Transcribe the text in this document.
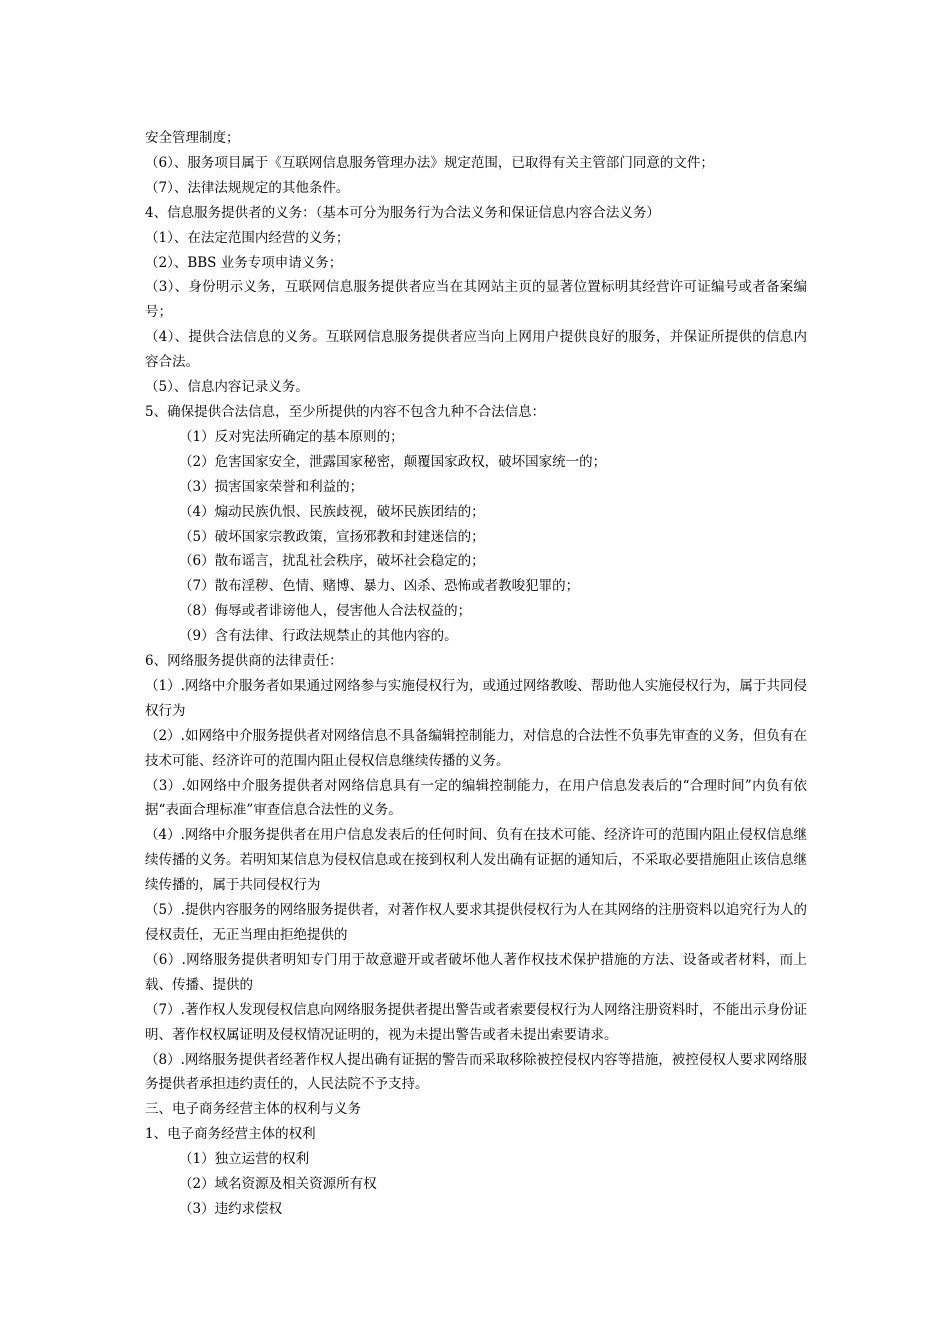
安全管理制度；

（6）、服务项目属于《互联网信息服务管理办法》规定范围，已取得有关主管部门同意的文件；

（7）、法律法规规定的其他条件。

4、信息服务提供者的义务：（基本可分为服务行为合法义务和保证信息内容合法义务）

（1）、在法定范围内经营的义务；

（2）、BBS 业务专项申请义务；

（3）、身份明示义务，互联网信息服务提供者应当在其网站主页的显著位置标明其经营许可证编号或者备案编号；

（4）、提供合法信息的义务。互联网信息服务提供者应当向上网用户提供良好的服务，并保证所提供的信息内容合法。

（5）、信息内容记录义务。

5、确保提供合法信息，至少所提供的内容不包含九种不合法信息：

（1）反对宪法所确定的基本原则的；

（2）危害国家安全，泄露国家秘密，颠覆国家政权，破坏国家统一的；

（3）损害国家荣誉和利益的；

（4）煽动民族仇恨、民族歧视，破坏民族团结的；

（5）破坏国家宗教政策，宣扬邪教和封建迷信的；

（6）散布谣言，扰乱社会秩序，破坏社会稳定的；

（7）散布淫秽、色情、赌博、暴力、凶杀、恐怖或者教唆犯罪的；

（8）侮辱或者诽谤他人，侵害他人合法权益的；

（9）含有法律、行政法规禁止的其他内容的。

6、网络服务提供商的法律责任：

（1）.网络中介服务者如果通过网络参与实施侵权行为，或通过网络教唆、帮助他人实施侵权行为，属于共同侵权行为

（2）.如网络中介服务提供者对网络信息不具备编辑控制能力，对信息的合法性不负事先审查的义务，但负有在技术可能、经济许可的范围内阻止侵权信息继续传播的义务。

（3）.如网络中介服务提供者对网络信息具有一定的编辑控制能力，在用户信息发表后的“合理时间”内负有依据“表面合理标准”审查信息合法性的义务。

（4）.网络中介服务提供者在用户信息发表后的任何时间、负有在技术可能、经济许可的范围内阻止侵权信息继续传播的义务。若明知某信息为侵权信息或在接到权利人发出确有证据的通知后，不采取必要措施阻止该信息继续传播的，属于共同侵权行为

（5）.提供内容服务的网络服务提供者，对著作权人要求其提供侵权行为人在其网络的注册资料以追究行为人的侵权责任，无正当理由拒绝提供的

（6）.网络服务提供者明知专门用于故意避开或者破坏他人著作权技术保护措施的方法、设备或者材料，而上载、传播、提供的

（7）.著作权人发现侵权信息向网络服务提供者提出警告或者索要侵权行为人网络注册资料时，不能出示身份证明、著作权权属证明及侵权情况证明的，视为未提出警告或者未提出索要请求。

（8）.网络服务提供者经著作权人提出确有证据的警告而采取移除被控侵权内容等措施，被控侵权人要求网络服务提供者承担违约责任的，人民法院不予支持。

三、电子商务经营主体的权利与义务

1、电子商务经营主体的权利

（1）独立运营的权利

（2）域名资源及相关资源所有权

（3）违约求偿权
